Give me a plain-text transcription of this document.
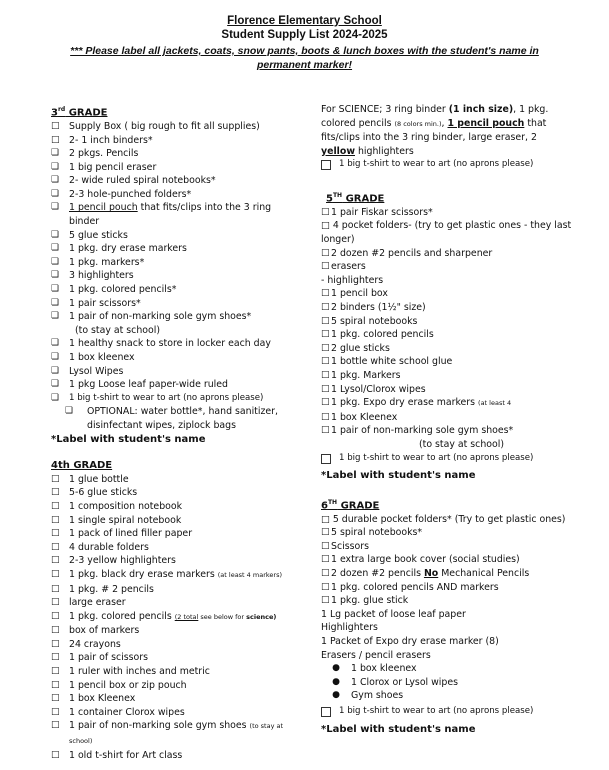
Florence Elementary School
Student Supply List 2024-2025
*** Please label all jackets, coats, snow pants, boots & lunch boxes with the student's name in permanent marker!
3rd GRADE
□	Supply Box ( big rough to fit all supplies)
□	2- 1 inch binders*
❏	2 pkgs. Pencils
❏	1 big pencil eraser
❏	2- wide ruled spiral notebooks*
❏	2-3 hole-punched folders*
❏	1 pencil pouch that fits/clips into the 3 ring binder
❏	5 glue sticks
❏	1 pkg. dry erase markers
❏	1 pkg. markers*
❏	3 highlighters
❏	1 pkg. colored pencils*
❏	1 pair scissors*
❏	1 pair of non-marking sole gym shoes*
(to stay at school)
❏	1 healthy snack to store in locker each day
❏	1 box kleenex
❏	Lysol Wipes
❏	1 pkg Loose leaf paper-wide ruled
❏	1 big t-shirt to wear to art (no aprons please)
❏	OPTIONAL: water bottle*, hand sanitizer, disinfectant wipes, ziplock bags
*Label with student's name
4th GRADE
□	1 glue bottle
□	5-6 glue sticks
□	1 composition notebook
□	1 single spiral notebook
□	1 pack of lined filler paper
□	4 durable folders
□	2-3 yellow highlighters
□	1 pkg. black dry erase markers (at least 4 markers)
□	1 pkg. # 2 pencils
□	large eraser
□	1 pkg. colored pencils (2 total see below for science)
□	box of markers
□	24 crayons
□	1 pair of scissors
□	1 ruler with inches and metric
□	1 pencil box or zip pouch
□	1 box Kleenex
□	1 container Clorox wipes
□	1 pair of non-marking sole gym shoes (to stay at school)
□	1 old t-shirt for Art class
For SCIENCE; 3 ring binder (1 inch size), 1 pkg. colored pencils (8 colors min.), 1 pencil pouch that fits/clips into the 3 ring binder, large eraser, 2 yellow highlighters
1 big t-shirt to wear to art (no aprons please)
5TH GRADE
□ 1 pair Fiskar scissors*
□ 4 pocket folders- (try to get plastic ones - they last longer)
□ 2 dozen #2 pencils and sharpener
□ erasers
- highlighters
□ 1 pencil box
□ 2 binders (1½" size)
□ 5 spiral notebooks
□ 1 pkg. colored pencils
□ 2 glue sticks
□ 1 bottle white school glue
□ 1 pkg. Markers
□ 1 Lysol/Clorox wipes
□ 1 pkg. Expo dry erase markers (at least 4
□ 1 box Kleenex
□ 1 pair of non-marking sole gym shoes*
(to stay at school)
1 big t-shirt to wear to art (no aprons please)
*Label with student's name
6TH GRADE
□ 5 durable pocket folders* (Try to get plastic ones)
□ 5 spiral notebooks*
□ Scissors
□ 1 extra large book cover (social studies)
□ 2 dozen #2 pencils No Mechanical Pencils
□ 1 pkg. colored pencils AND markers
□ 1 pkg. glue stick
1 Lg packet of loose leaf paper
Highlighters
1 Packet of Expo dry erase marker (8)
Erasers / pencil erasers
●	1 box kleenex
●	1 Clorox or Lysol wipes
●	Gym shoes
1 big t-shirt to wear to art (no aprons please)
*Label with student's name
